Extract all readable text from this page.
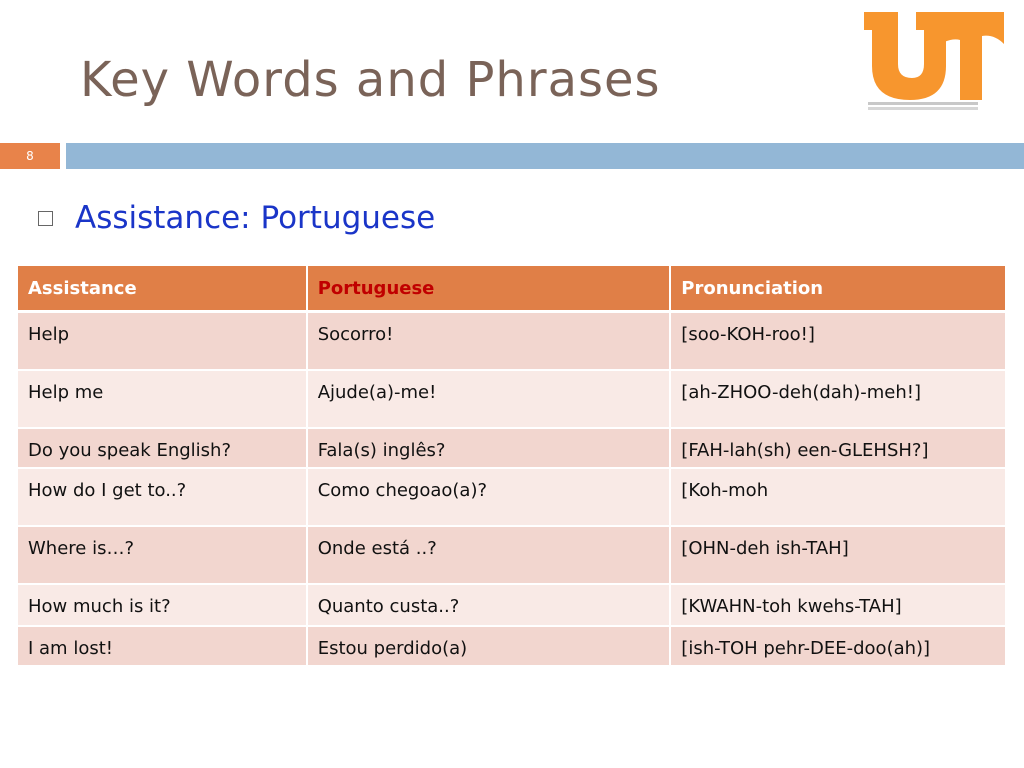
Key Words and Phrases
8
Assistance: Portuguese
Assistance	Portuguese	Pronunciation
Help	Socorro!	[soo-KOH-roo!]
Help me	Ajude(a)-me!	[ah-ZHOO-deh(dah)-meh!]
Do you speak English?	Fala(s) inglês?	[FAH-lah(sh) een-GLEHSH?]
How do I get to..?	Como chegoao(a)?	[Koh-moh
Where is…?	Onde está ..?	[OHN-deh ish-TAH]
How much is it?	Quanto custa..?	[KWAHN-toh kwehs-TAH]
I am lost!	Estou perdido(a)	[ish-TOH pehr-DEE-doo(ah)]
